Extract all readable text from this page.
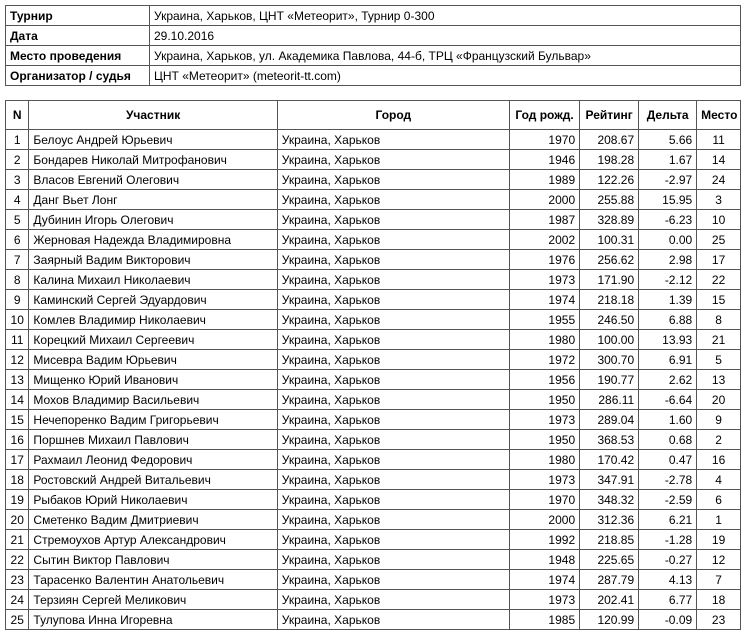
Турнир	Украина, Харьков, ЦНТ «Метеорит», Турнир 0-300
Дата	29.10.2016
Место проведения	Украина, Харьков, ул. Академика Павлова, 44-б, ТРЦ «Французский Бульвар»
Организатор / судья	ЦНТ «Метеорит» (meteorit-tt.com)
N	Участник	Город	Год рожд.	Рейтинг	Дельта	Место
1	Белоус Андрей Юрьевич	Украина, Харьков	1970	208.67	5.66	11
2	Бондарев Николай Митрофанович	Украина, Харьков	1946	198.28	1.67	14
3	Власов Евгений Олегович	Украина, Харьков	1989	122.26	-2.97	24
4	Данг Вьет Лонг	Украина, Харьков	2000	255.88	15.95	3
5	Дубинин Игорь Олегович	Украина, Харьков	1987	328.89	-6.23	10
6	Жерновая Надежда Владимировна	Украина, Харьков	2002	100.31	0.00	25
7	Заярный Вадим Викторович	Украина, Харьков	1976	256.62	2.98	17
8	Калина Михаил Николаевич	Украина, Харьков	1973	171.90	-2.12	22
9	Каминский Сергей Эдуардович	Украина, Харьков	1974	218.18	1.39	15
10	Комлев Владимир Николаевич	Украина, Харьков	1955	246.50	6.88	8
11	Корецкий Михаил Сергеевич	Украина, Харьков	1980	100.00	13.93	21
12	Мисевра Вадим Юрьевич	Украина, Харьков	1972	300.70	6.91	5
13	Мищенко Юрий Иванович	Украина, Харьков	1956	190.77	2.62	13
14	Мохов Владимир Васильевич	Украина, Харьков	1950	286.11	-6.64	20
15	Нечепоренко Вадим Григорьевич	Украина, Харьков	1973	289.04	1.60	9
16	Поршнев Михаил Павлович	Украина, Харьков	1950	368.53	0.68	2
17	Рахмаил Леонид Федорович	Украина, Харьков	1980	170.42	0.47	16
18	Ростовский Андрей Витальевич	Украина, Харьков	1973	347.91	-2.78	4
19	Рыбаков Юрий Николаевич	Украина, Харьков	1970	348.32	-2.59	6
20	Сметенко Вадим Дмитриевич	Украина, Харьков	2000	312.36	6.21	1
21	Стремоухов Артур Александрович	Украина, Харьков	1992	218.85	-1.28	19
22	Сытин Виктор Павлович	Украина, Харьков	1948	225.65	-0.27	12
23	Тарасенко Валентин Анатольевич	Украина, Харьков	1974	287.79	4.13	7
24	Терзиян Сергей Меликович	Украина, Харьков	1973	202.41	6.77	18
25	Тулупова Инна Игоревна	Украина, Харьков	1985	120.99	-0.09	23
